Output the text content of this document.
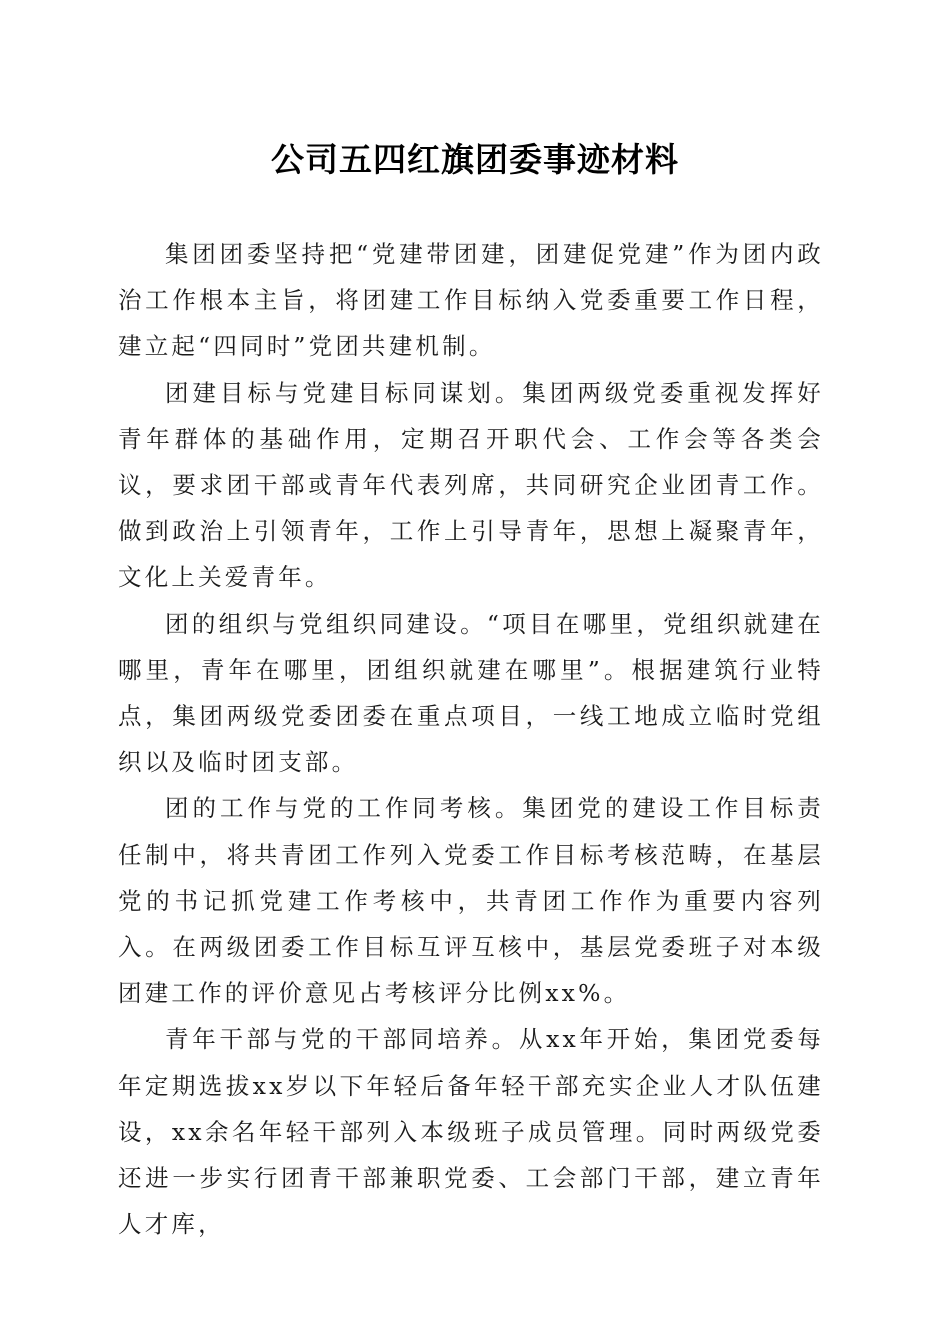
公司五四红旗团委事迹材料

集团团委坚持把“党建带团建，团建促党建”作为团内政治工作根本主旨，将团建工作目标纳入党委重要工作日程，建立起“四同时”党团共建机制。

团建目标与党建目标同谋划。集团两级党委重视发挥好青年群体的基础作用，定期召开职代会、工作会等各类会议，要求团干部或青年代表列席，共同研究企业团青工作。做到政治上引领青年，工作上引导青年，思想上凝聚青年，文化上关爱青年。

团的组织与党组织同建设。“项目在哪里，党组织就建在哪里，青年在哪里，团组织就建在哪里”。根据建筑行业特点，集团两级党委团委在重点项目，一线工地成立临时党组织以及临时团支部。

团的工作与党的工作同考核。集团党的建设工作目标责任制中，将共青团工作列入党委工作目标考核范畴，在基层党的书记抓党建工作考核中，共青团工作作为重要内容列入。在两级团委工作目标互评互核中，基层党委班子对本级团建工作的评价意见占考核评分比例xx%。

青年干部与党的干部同培养。从xx年开始，集团党委每年定期选拔xx岁以下年轻后备年轻干部充实企业人才队伍建设，xx余名年轻干部列入本级班子成员管理。同时两级党委还进一步实行团青干部兼职党委、工会部门干部，建立青年人才库，
